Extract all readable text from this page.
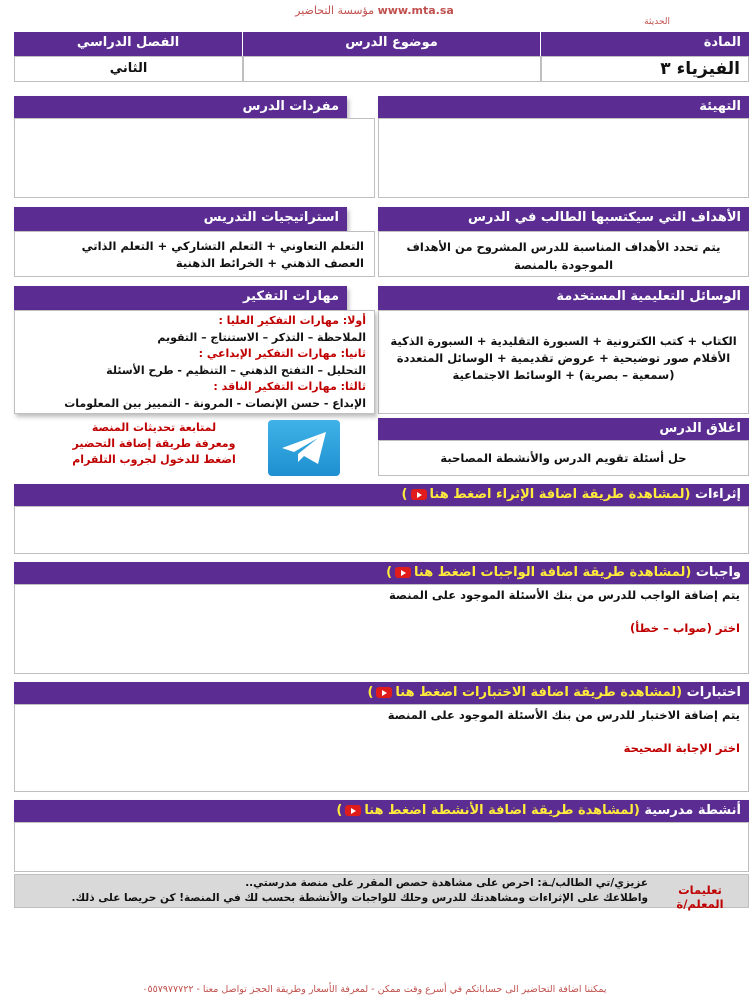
www.mta.sa مؤسسة التحاضير
الحديثة
المادة
موضوع الدرس
الفصل الدراسي
الفيزياء ٣
الثاني
التهيئة
مفردات الدرس
الأهداف التي سيكتسبها الطالب في الدرس
يتم تحدد الأهداف المناسبة للدرس المشروح من الأهداف الموجودة بالمنصة
استراتيجيات التدريس
التعلم التعاوني + التعلم التشاركي + التعلم الذاتي
العصف الذهني + الخرائط الذهنية
الوسائل التعليمية المستخدمة
الكتاب + كتب الكترونية + السبورة التقليدية + السبورة الذكية
الأقلام صور توضيحية + عروض تقديمية + الوسائل المتعددة
(سمعية – بصرية) + الوسائط الاجتماعية
مهارات التفكير
أولا: مهارات التفكير العليا :
الملاحظة – التذكر – الاستنتاج – التقويم
ثانيا: مهارات التفكير الإبداعي :
التحليل – التفتح الذهني – التنظيم - طرح الأسئلة
ثالثا: مهارات التفكير الناقد :
الإبداع - حسن الإنصات - المرونة - التمييز بين المعلومات
اغلاق الدرس
حل أسئلة تقويم الدرس والأنشطة المصاحبة
لمتابعة تحديثات المنصة
ومعرفة طريقة إضافة التحضير
اضغط للدخول لجروب التلقرام
إثراءات (لمشاهدة طريقة اضافة الإثراء اضغط هنا)
واجبات (لمشاهدة طريقة اضافة الواجبات اضغط هنا)
يتم إضافة الواجب للدرس من بنك الأسئلة الموجود على المنصة
اختر (صواب – خطأ)
اختبارات (لمشاهدة طريقة اضافة الاختبارات اضغط هنا)
يتم إضافة الاختبار للدرس من بنك الأسئلة الموجود على المنصة
اختر الإجابة الصحيحة
أنشطة مدرسية (لمشاهدة طريقة اضافة الأنشطة اضغط هنا)
تعليمات المعلم/ة
عزيزي/تي الطالب/ـة: احرص على مشاهدة حصص المقرر على منصة مدرستي..
واطلاعك على الإثراءات ومشاهدتك للدرس وحلك للواجبات والأنشطة بحسب لك في المنصة! كن حريصا على ذلك.
يمكننا اضافة التحاضير الى حساباتكم في أسرع وقت ممكن - لمعرفة الأسعار وطريقة الحجز تواصل معنا - ٠٥٥٧٩٧٧٧٢٢
